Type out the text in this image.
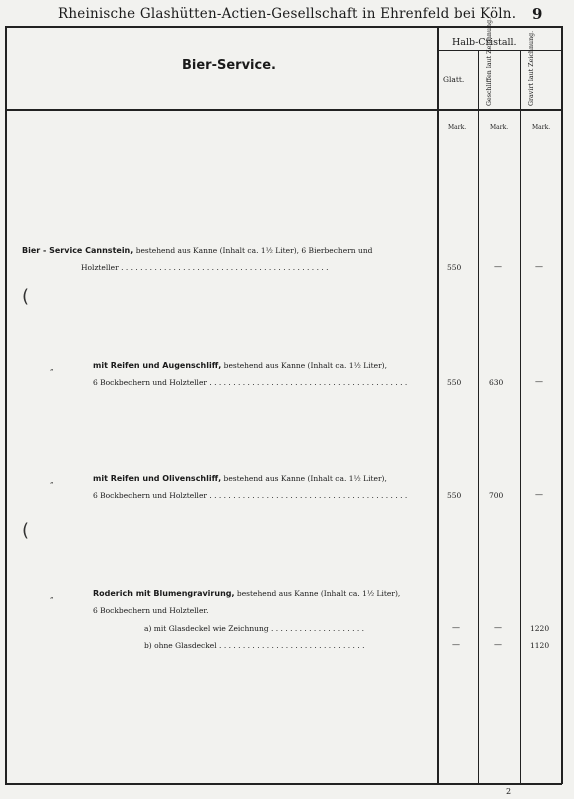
Rheinische Glashütten-Actien-Gesellschaft in Ehrenfeld bei Köln. 9
Bier-Service.
Halb-Cristall.
Glatt.	Geschliffen laut Zeichnung.	Gravirt laut Zeichnung.
Mark.	Mark.	Mark.
Bier - Service Cannstein, bestehend aus Kanne (Inhalt ca. 1½ Liter), 6 Bierbechern und
Holzteller . . . . . . . . . . . . . . . . . . . . . . . . . . . . . . . . . . . . . . . . . . . .	550	—	—
(
„	mit Reifen und Augenschliff, bestehend aus Kanne (Inhalt ca. 1½ Liter),
6 Bockbechern und Holzteller . . . . . . . . . . . . . . . . . . . . . . . . . . . . . . . . . . . . . . . . . .	550	630	—
„	mit Reifen und Olivenschliff, bestehend aus Kanne (Inhalt ca. 1½ Liter),
6 Bockbechern und Holzteller . . . . . . . . . . . . . . . . . . . . . . . . . . . . . . . . . . . . . . . . . .	550	700	—
(
„	Roderich mit Blumengravirung, bestehend aus Kanne (Inhalt ca. 1½ Liter),
6 Bockbechern und Holzteller.
a) mit Glasdeckel wie Zeichnung . . . . . . . . . . . . . . . . . . . .	—	—	1220
b) ohne Glasdeckel . . . . . . . . . . . . . . . . . . . . . . . . . . . . . . .	—	—	1120
2
